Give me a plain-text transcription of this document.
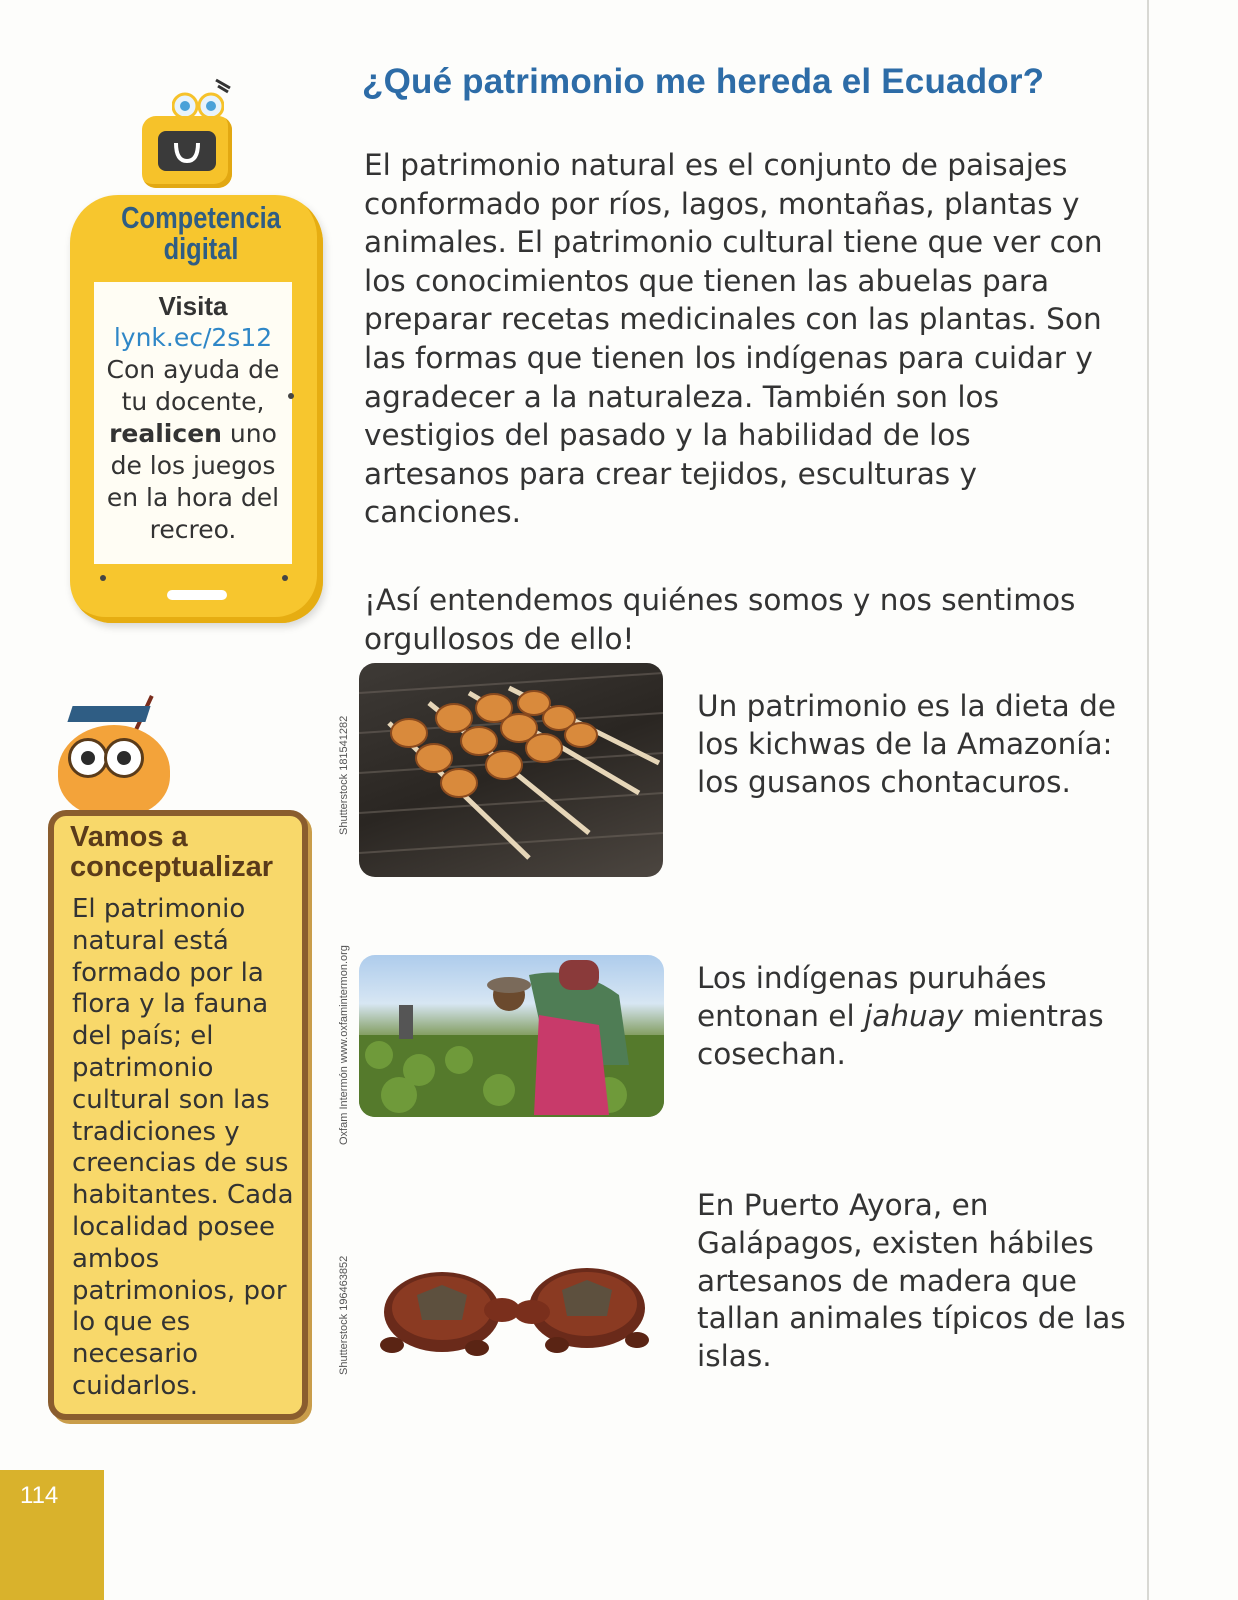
¿Qué patrimonio me hereda el Ecuador?

El patrimonio natural es el conjunto de paisajes conformado por ríos, lagos, montañas, plantas y animales. El patrimonio cultural tiene que ver con los conocimientos que tienen las abuelas para preparar recetas medicinales con las plantas. Son las formas que tienen los indígenas para cuidar y agradecer a la naturaleza. También son los vestigios del pasado y la habilidad de los artesanos para crear tejidos, esculturas y canciones.

¡Así entendemos quiénes somos y nos sentimos orgullosos de ello!
Competencia digital
Visita
lynk.ec/2s12
Con ayuda de tu docente, realicen uno de los juegos en la hora del recreo.
Vamos a conceptualizar
El patrimonio natural está formado por la flora y la fauna del país; el patrimonio cultural son las tradiciones y creencias de sus habitantes. Cada localidad posee ambos patrimonios, por lo que es necesario cuidarlos.
Shutterstock 181541282
Oxfam Intermón www.oxfamintermon.org
Shutterstock 196463852
Un patrimonio es la dieta de los kichwas de la Amazonía: los gusanos chontacuros.
Los indígenas puruháes entonan el jahuay mientras cosechan.
En Puerto Ayora, en Galápagos, existen hábiles artesanos de madera que tallan animales típicos de las islas.
114
